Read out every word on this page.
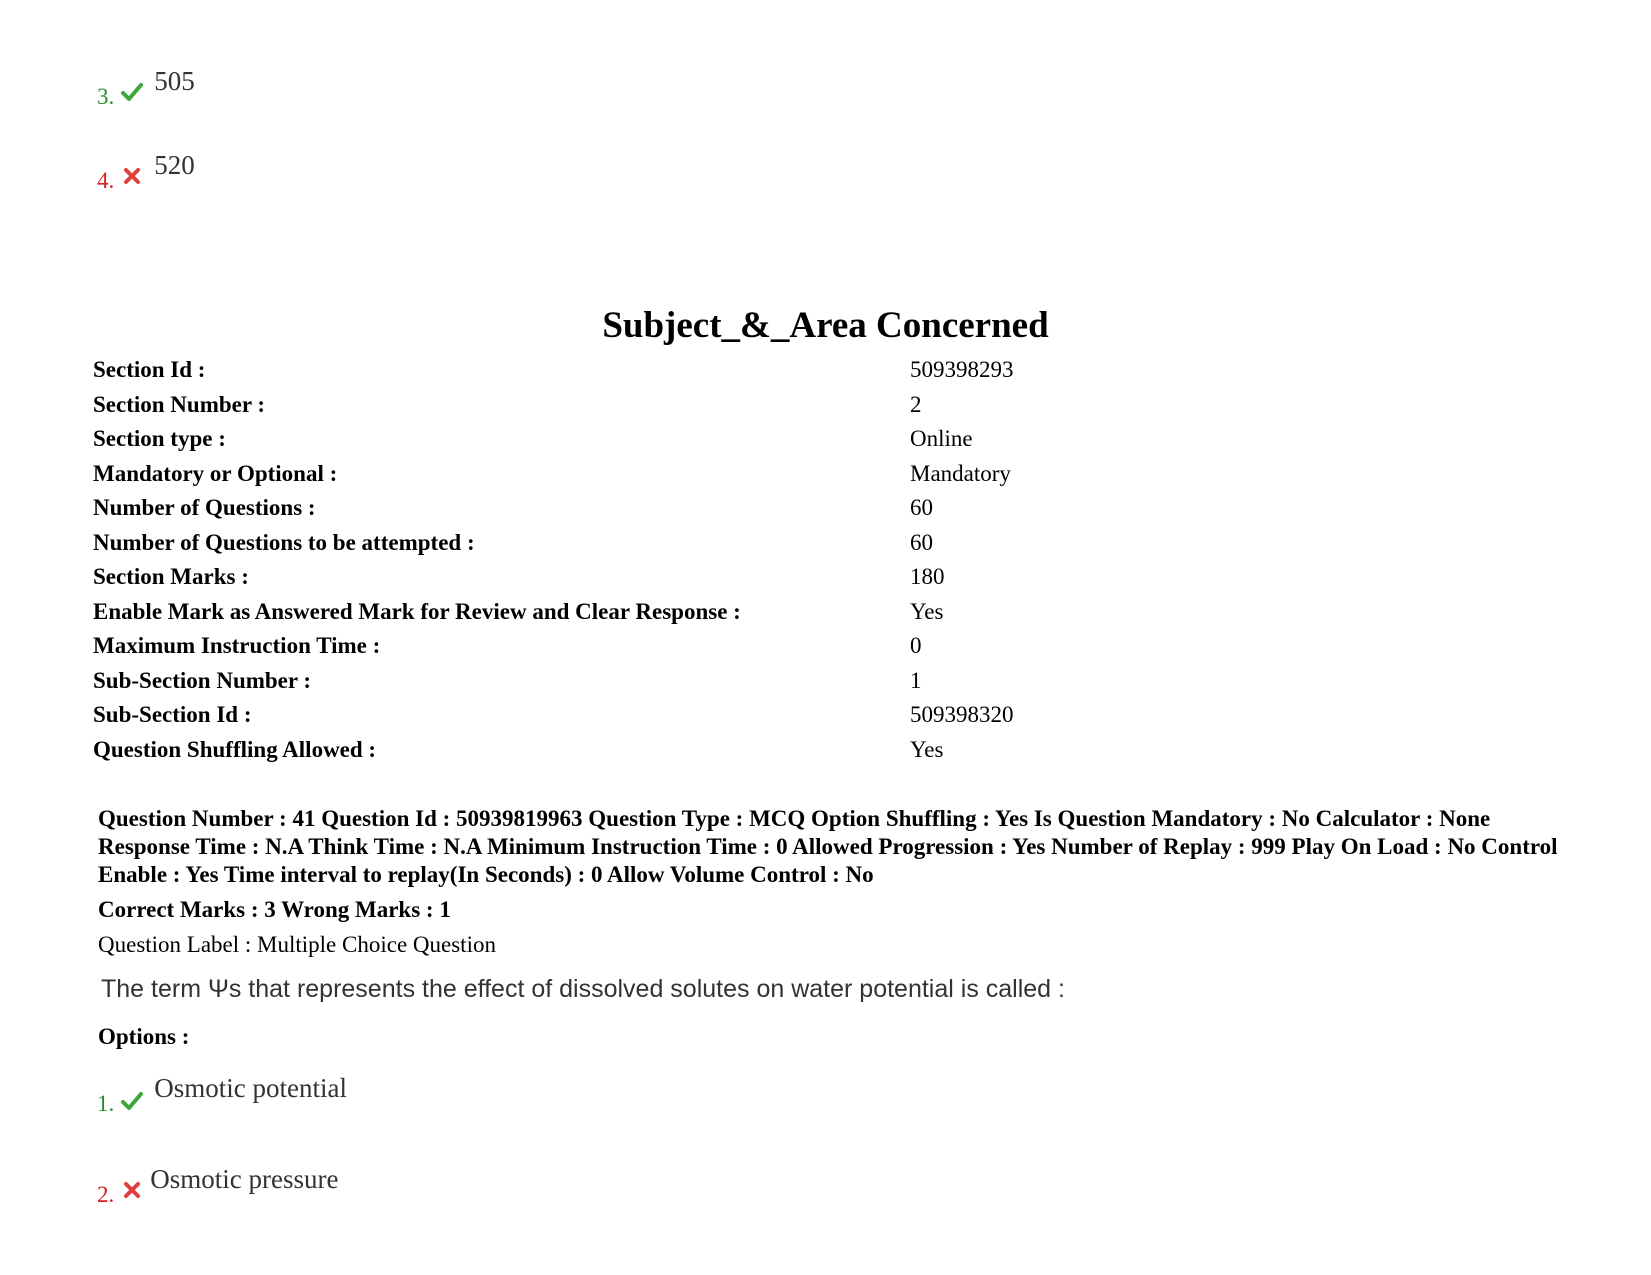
3.
505
4.
520
Subject_&_Area Concerned
Section Id :	509398293
Section Number :	2
Section type :	Online
Mandatory or Optional :	Mandatory
Number of Questions :	60
Number of Questions to be attempted :	60
Section Marks :	180
Enable Mark as Answered Mark for Review and Clear Response :	Yes
Maximum Instruction Time :	0
Sub-Section Number :	1
Sub-Section Id :	509398320
Question Shuffling Allowed :	Yes
Question Number : 41 Question Id : 50939819963 Question Type : MCQ Option Shuffling : Yes Is Question Mandatory : No Calculator : None Response Time : N.A Think Time : N.A Minimum Instruction Time : 0 Allowed Progression : Yes Number of Replay : 999 Play On Load : No Control Enable : Yes Time interval to replay(In Seconds) : 0 Allow Volume Control : No
Correct Marks : 3 Wrong Marks : 1
Question Label : Multiple Choice Question
The term Ψs that represents the effect of dissolved solutes on water potential is called :
Options :
1.
Osmotic potential
2.
Osmotic pressure
